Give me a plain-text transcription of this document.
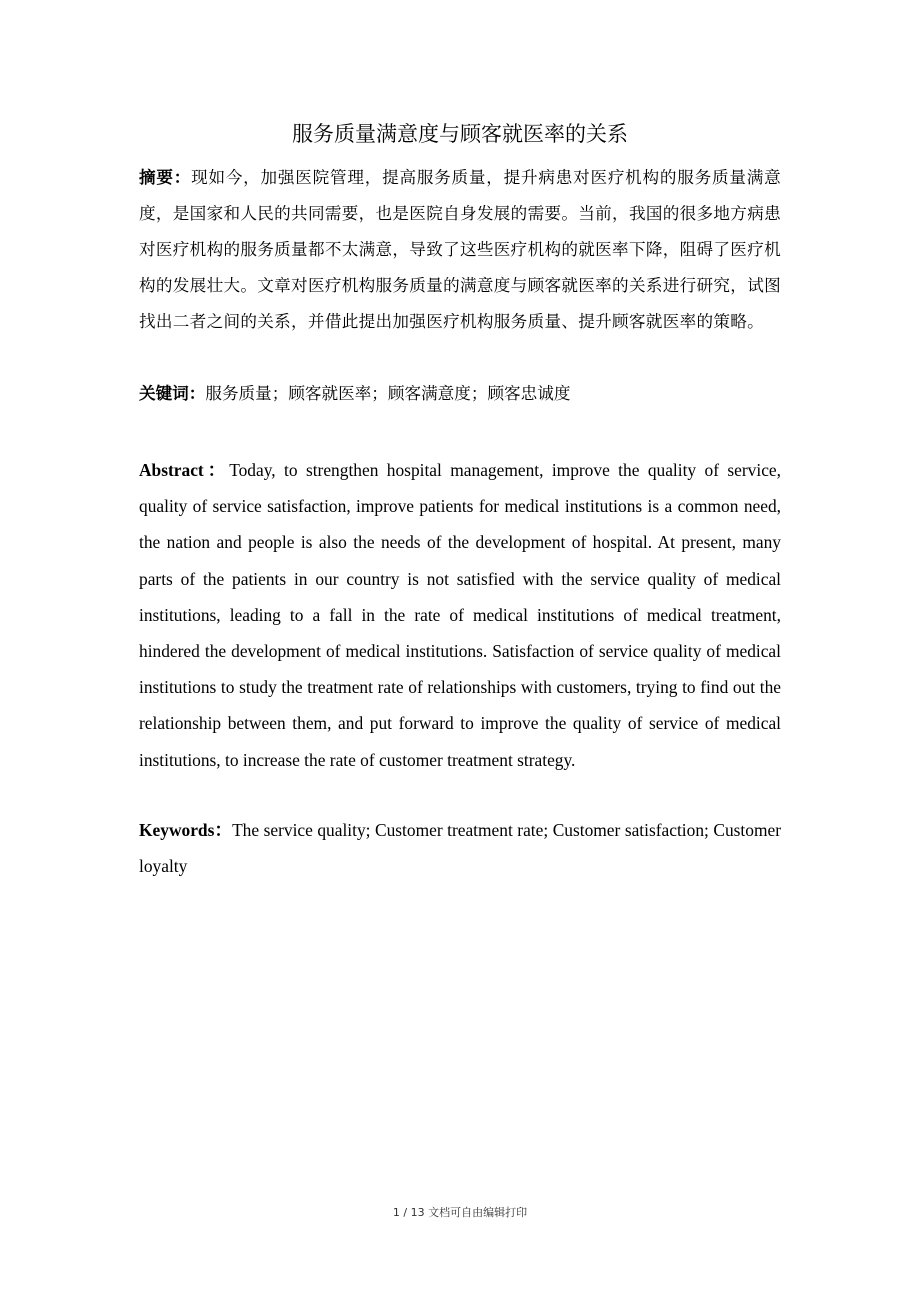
服务质量满意度与顾客就医率的关系

摘要：现如今，加强医院管理，提高服务质量，提升病患对医疗机构的服务质量满意度，是国家和人民的共同需要，也是医院自身发展的需要。当前，我国的很多地方病患对医疗机构的服务质量都不太满意，导致了这些医疗机构的就医率下降，阻碍了医疗机构的发展壮大。文章对医疗机构服务质量的满意度与顾客就医率的关系进行研究，试图找出二者之间的关系，并借此提出加强医疗机构服务质量、提升顾客就医率的策略。

关键词：服务质量；顾客就医率；顾客满意度；顾客忠诚度

Abstract：Today, to strengthen hospital management, improve the quality of service, quality of service satisfaction, improve patients for medical institutions is a common need, the nation and people is also the needs of the development of hospital. At present, many parts of the patients in our country is not satisfied with the service quality of medical institutions, leading to a fall in the rate of medical institutions of medical treatment, hindered the development of medical institutions. Satisfaction of service quality of medical institutions to study the treatment rate of relationships with customers, trying to find out the relationship between them, and put forward to improve the quality of service of medical institutions, to increase the rate of customer treatment strategy.

Keywords：The service quality; Customer treatment rate; Customer satisfaction; Customer loyalty

1 / 13 文档可自由编辑打印
